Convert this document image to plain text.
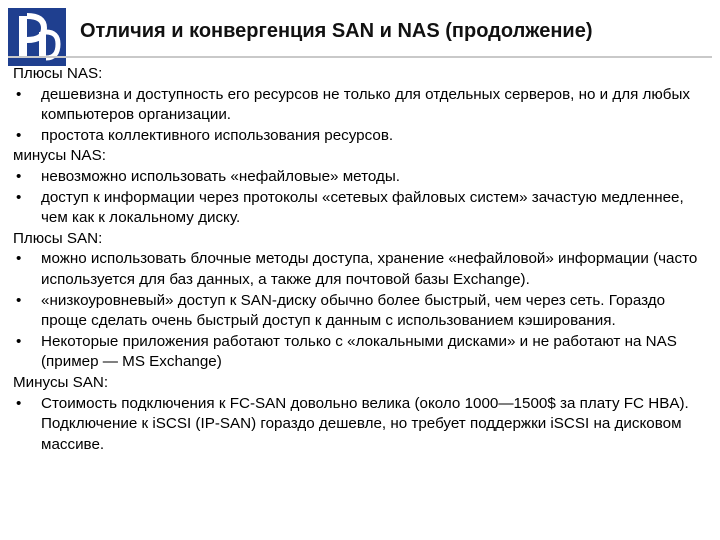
Отличия и конвергенция SAN и NAS (продолжение)

Плюсы NAS:

• дешевизна и доступность его ресурсов не только для отдельных серверов, но и для любых компьютеров организации.

• простота коллективного использования ресурсов.

минусы NAS:

• невозможно использовать «нефайловые» методы.

• доступ к информации через протоколы «сетевых файловых систем» зачастую медленнее, чем как к локальному диску.

Плюсы SAN:

• можно использовать блочные методы доступа, хранение «нефайловой» информации (часто используется для баз данных, а также для почтовой базы Exchange).

• «низкоуровневый» доступ к SAN-диску обычно более быстрый, чем через сеть. Гораздо проще сделать очень быстрый доступ к данным с использованием кэширования.

• Некоторые приложения работают только с «локальными дисками» и не работают на NAS (пример — MS Exchange)

Минусы SAN:

• Стоимость подключения к FC-SAN довольно велика (около 1000—1500$ за плату FC HBA). Подключение к iSCSI (IP-SAN) гораздо дешевле, но требует поддержки iSCSI на дисковом массиве.
